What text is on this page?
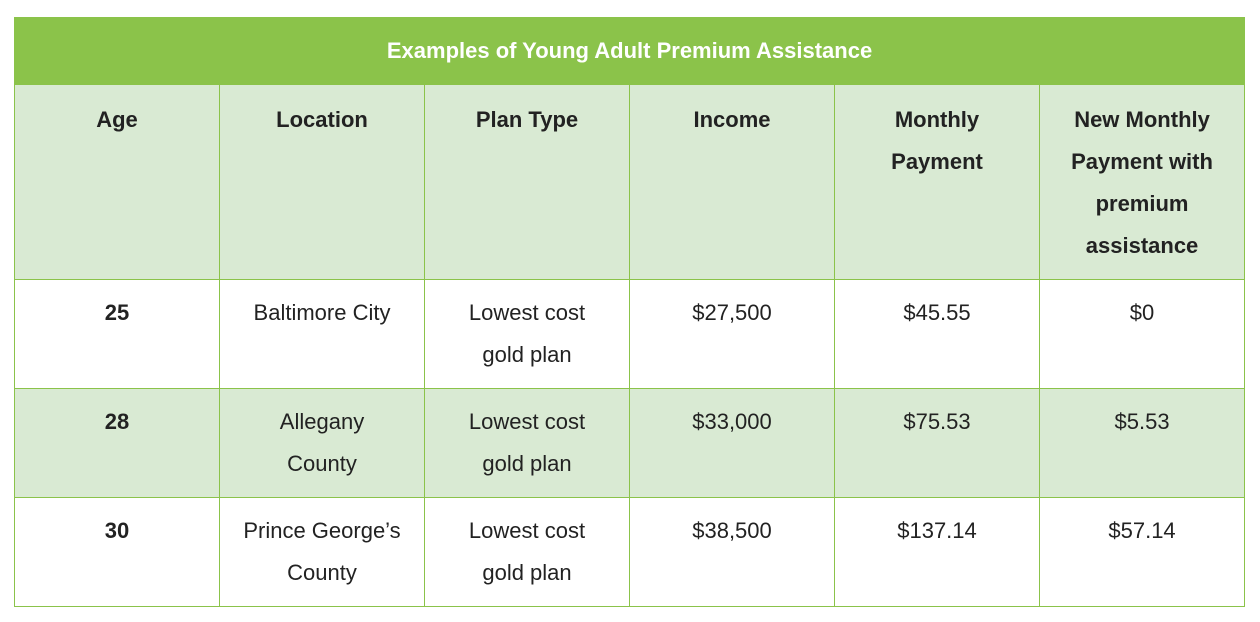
Examples of Young Adult Premium Assistance					
Age	Location	Plan Type	Income	Monthly Payment	New Monthly Payment with premium assistance
25	Baltimore City	Lowest cost gold plan	$27,500	$45.55	$0
28	Allegany County	Lowest cost gold plan	$33,000	$75.53	$5.53
30	Prince George’s County	Lowest cost gold plan	$38,500	$137.14	$57.14
